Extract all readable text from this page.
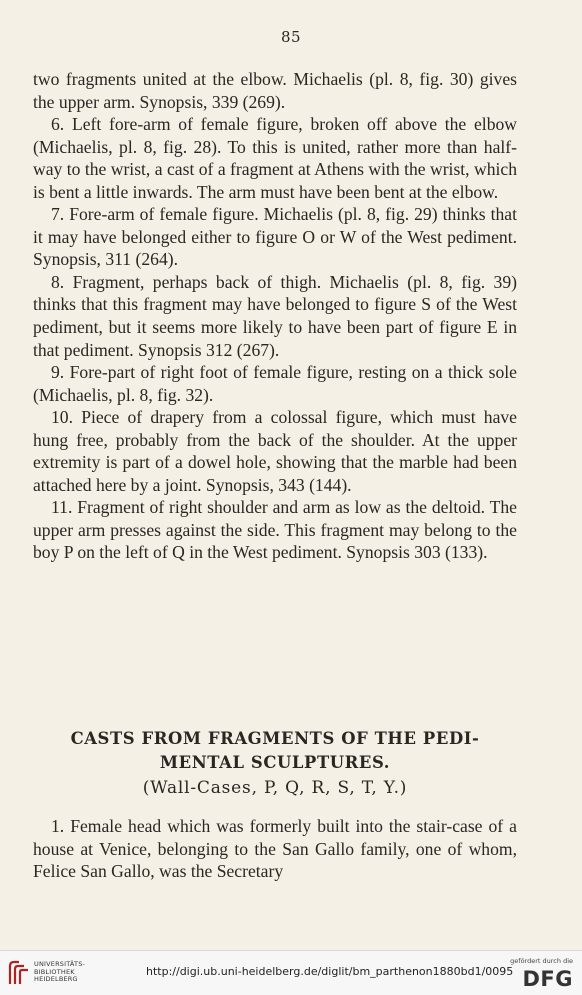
85

two fragments united at the elbow. Michaelis (pl. 8, fig. 30) gives the upper arm. Synopsis, 339 (269).

6. Left fore-arm of female figure, broken off above the elbow (Michaelis, pl. 8, fig. 28). To this is united, rather more than half-way to the wrist, a cast of a fragment at Athens with the wrist, which is bent a little inwards. The arm must have been bent at the elbow.

7. Fore-arm of female figure. Michaelis (pl. 8, fig. 29) thinks that it may have belonged either to figure O or W of the West pediment. Synopsis, 311 (264).

8. Fragment, perhaps back of thigh. Michaelis (pl. 8, fig. 39) thinks that this fragment may have belonged to figure S of the West pediment, but it seems more likely to have been part of figure E in that pediment. Synopsis 312 (267).

9. Fore-part of right foot of female figure, resting on a thick sole (Michaelis, pl. 8, fig. 32).

10. Piece of drapery from a colossal figure, which must have hung free, probably from the back of the shoulder. At the upper extremity is part of a dowel hole, showing that the marble had been attached here by a joint. Synopsis, 343 (144).

11. Fragment of right shoulder and arm as low as the deltoid. The upper arm presses against the side. This fragment may belong to the boy P on the left of Q in the West pediment. Synopsis 303 (133).

CASTS FROM FRAGMENTS OF THE PEDI-
MENTAL SCULPTURES.
(Wall-Cases, P, Q, R, S, T, Y.)

1. Female head which was formerly built into the stair-case of a house at Venice, belonging to the San Gallo family, one of whom, Felice San Gallo, was the Secretary

UNIVERSITÄTS-
BIBLIOTHEK
HEIDELBERG
http://digi.ub.uni-heidelberg.de/diglit/bm_parthenon1880bd1/0095
gefördert durch die
DFG
